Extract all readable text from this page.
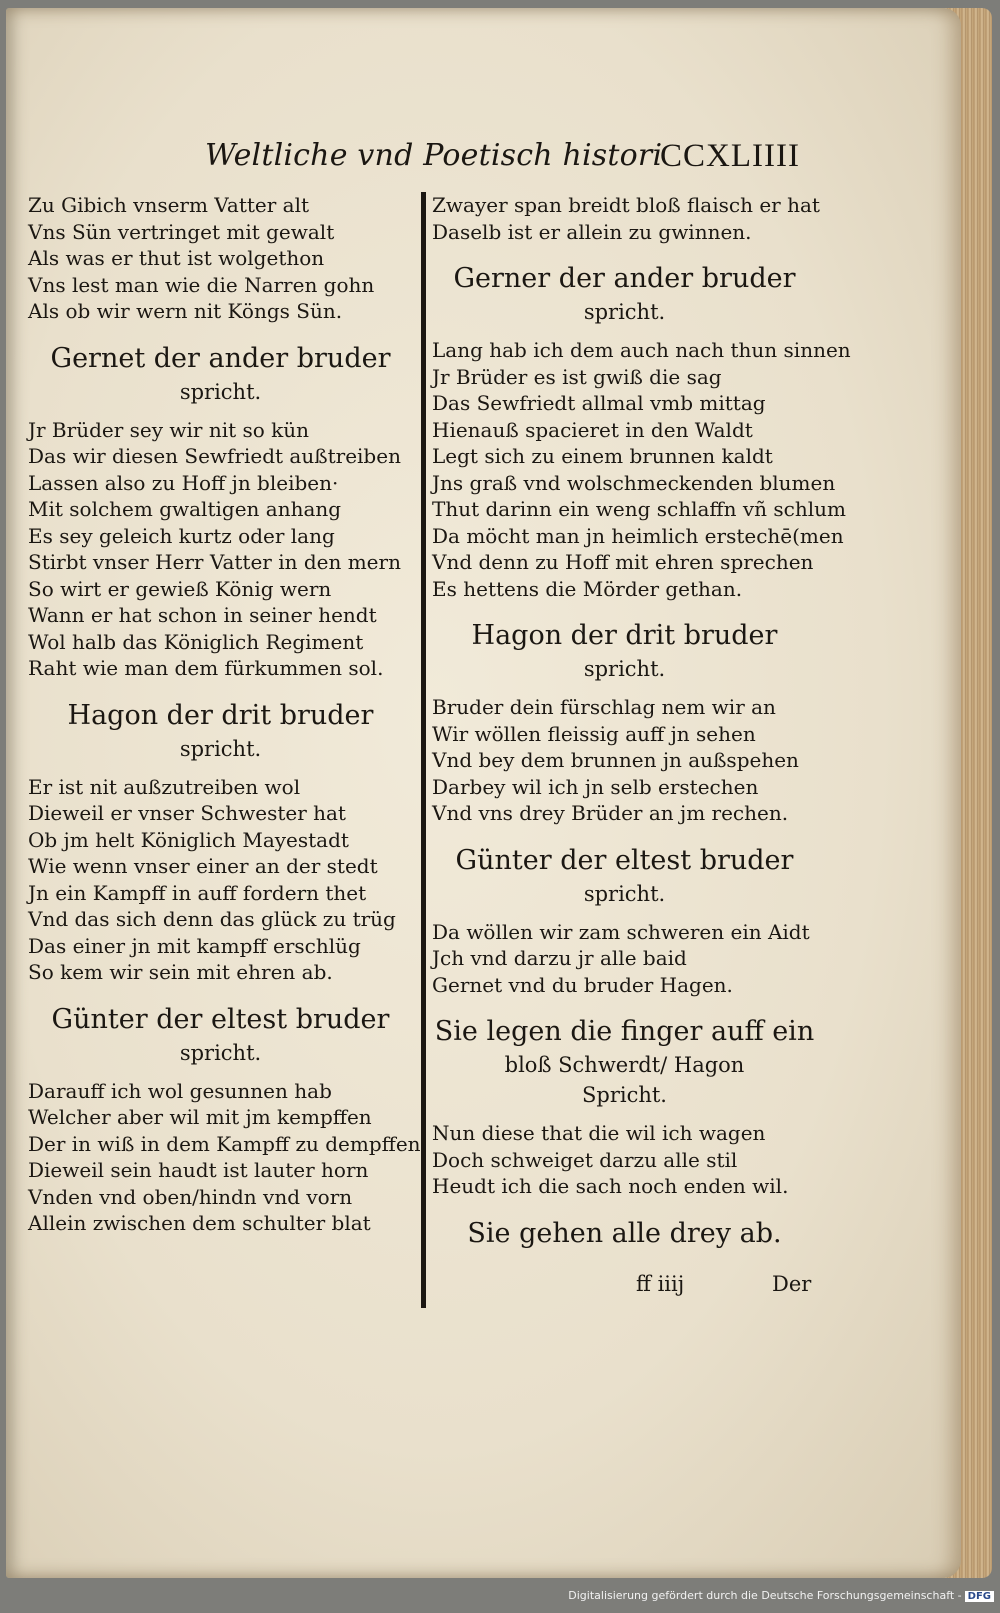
Weltliche vnd Poetisch histori
CCXLIIII
Zu Gibich vnserm Vatter alt
Vns Sün vertringet mit gewalt
Als was er thut ist wolgethon
Vns lest man wie die Narren gohn
Als ob wir wern nit Köngs Sün.
Gernet der ander bruder
spricht.
Jr Brüder sey wir nit so kün
Das wir diesen Sewfriedt außtreiben
Lassen also zu Hoff jn bleiben·
Mit solchem gwaltigen anhang
Es sey geleich kurtz oder lang
Stirbt vnser Herr Vatter in den mern
So wirt er gewieß König wern
Wann er hat schon in seiner hendt
Wol halb das Königlich Regiment
Raht wie man dem fürkummen sol.
Hagon der drit bruder
spricht.
Er ist nit außzutreiben wol
Dieweil er vnser Schwester hat
Ob jm helt Königlich Mayestadt
Wie wenn vnser einer an der stedt
Jn ein Kampff in auff fordern thet
Vnd das sich denn das glück zu trüg
Das einer jn mit kampff erschlüg
So kem wir sein mit ehren ab.
Günter der eltest bruder
spricht.
Darauff ich wol gesunnen hab
Welcher aber wil mit jm kempffen
Der in wiß in dem Kampff zu dempffen
Dieweil sein haudt ist lauter horn
Vnden vnd oben/hindn vnd vorn
Allein zwischen dem schulter blat
Zwayer span breidt bloß flaisch er hat
Daselb ist er allein zu gwinnen.
Gerner der ander bruder
spricht.
Lang hab ich dem auch nach thun sinnen
Jr Brüder es ist gwiß die sag
Das Sewfriedt allmal vmb mittag
Hienauß spacieret in den Waldt
Legt sich zu einem brunnen kaldt
Jns graß vnd wolschmeckenden blumen
Thut darinn ein weng schlaffn vñ schlum
Da möcht man jn heimlich erstechē(men
Vnd denn zu Hoff mit ehren sprechen
Es hettens die Mörder gethan.
Hagon der drit bruder
spricht.
Bruder dein fürschlag nem wir an
Wir wöllen fleissig auff jn sehen
Vnd bey dem brunnen jn außspehen
Darbey wil ich jn selb erstechen
Vnd vns drey Brüder an jm rechen.
Günter der eltest bruder
spricht.
Da wöllen wir zam schweren ein Aidt
Jch vnd darzu jr alle baid
Gernet vnd du bruder Hagen.
Sie legen die finger auff ein
bloß Schwerdt/ Hagon
Spricht.
Nun diese that die wil ich wagen
Doch schweiget darzu alle stil
Heudt ich die sach noch enden wil.
Sie gehen alle drey ab.
ff iiij	Der
Digitalisierung gefördert durch die Deutsche Forschungsgemeinschaft - DFG
